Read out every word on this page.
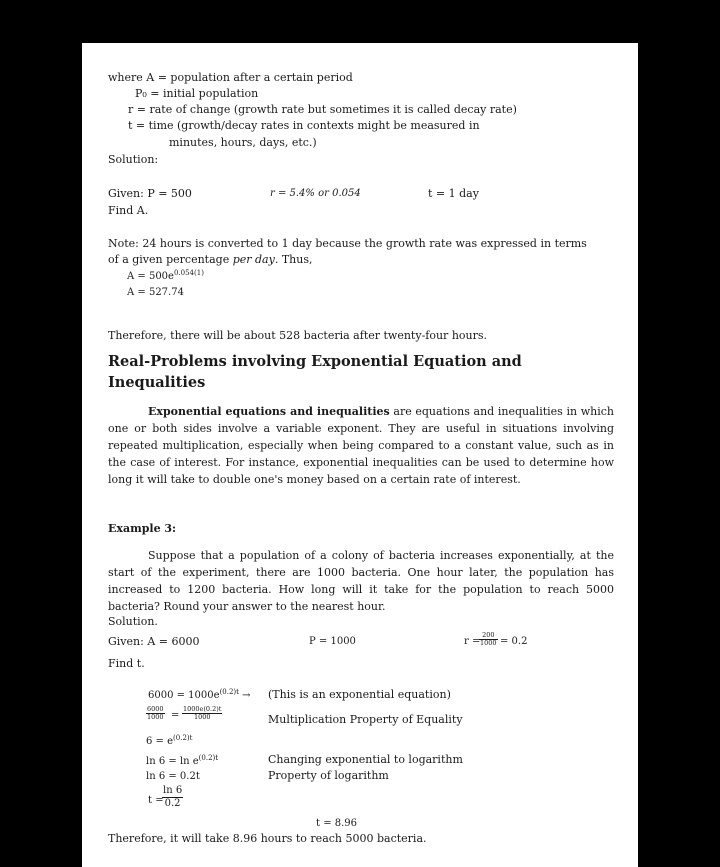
where A = population after a certain period
P₀ = initial population
r = rate of change (growth rate but sometimes it is called decay rate)
t = time (growth/decay rates in contexts might be measured in
minutes, hours, days, etc.)
Solution:
Given: P = 500	r = 5.4% or 0.054	t = 1 day
Find A.
Note: 24 hours is converted to 1 day because the growth rate was expressed in terms
of a given percentage per day. Thus,
$A = 500e^{0.054(1)}$
A = 527.74
Therefore, there will be about 528 bacteria after twenty-four hours.
Real-Problems involving Exponential Equation and
Inequalities
Exponential equations and inequalities are equations and inequalities in which one or both sides involve a variable exponent. They are useful in situations involving repeated multiplication, especially when being compared to a constant value, such as in the case of interest. For instance, exponential inequalities can be used to determine how long it will take to double one's money based on a certain rate of interest.
Example 3:
Suppose that a population of a colony of bacteria increases exponentially, at the start of the experiment, there are 1000 bacteria. One hour later, the population has increased to 1200 bacteria. How long will it take for the population to reach 5000 bacteria? Round your answer to the nearest hour.
Solution.
Given: A = 6000	P = 1000	r =
$\frac{200}{1000} = 0.2$
Find t.
$6000 = 1000e^{(0.2)t}$ → (This is an exponential equation)
$\frac{6000}{1000} = \frac{1000e(0.2)t}{1000}$	Multiplication Property of Equality
$6 = e^{(0.2)t}$
$\ln 6 = \ln e^{(0.2)t}$	Changing exponential to logarithm
ln 6 = 0.2t	Property of logarithm
t =
$\frac{\ln 6}{0.2}$
t = 8.96
Therefore, it will take 8.96 hours to reach 5000 bacteria.
